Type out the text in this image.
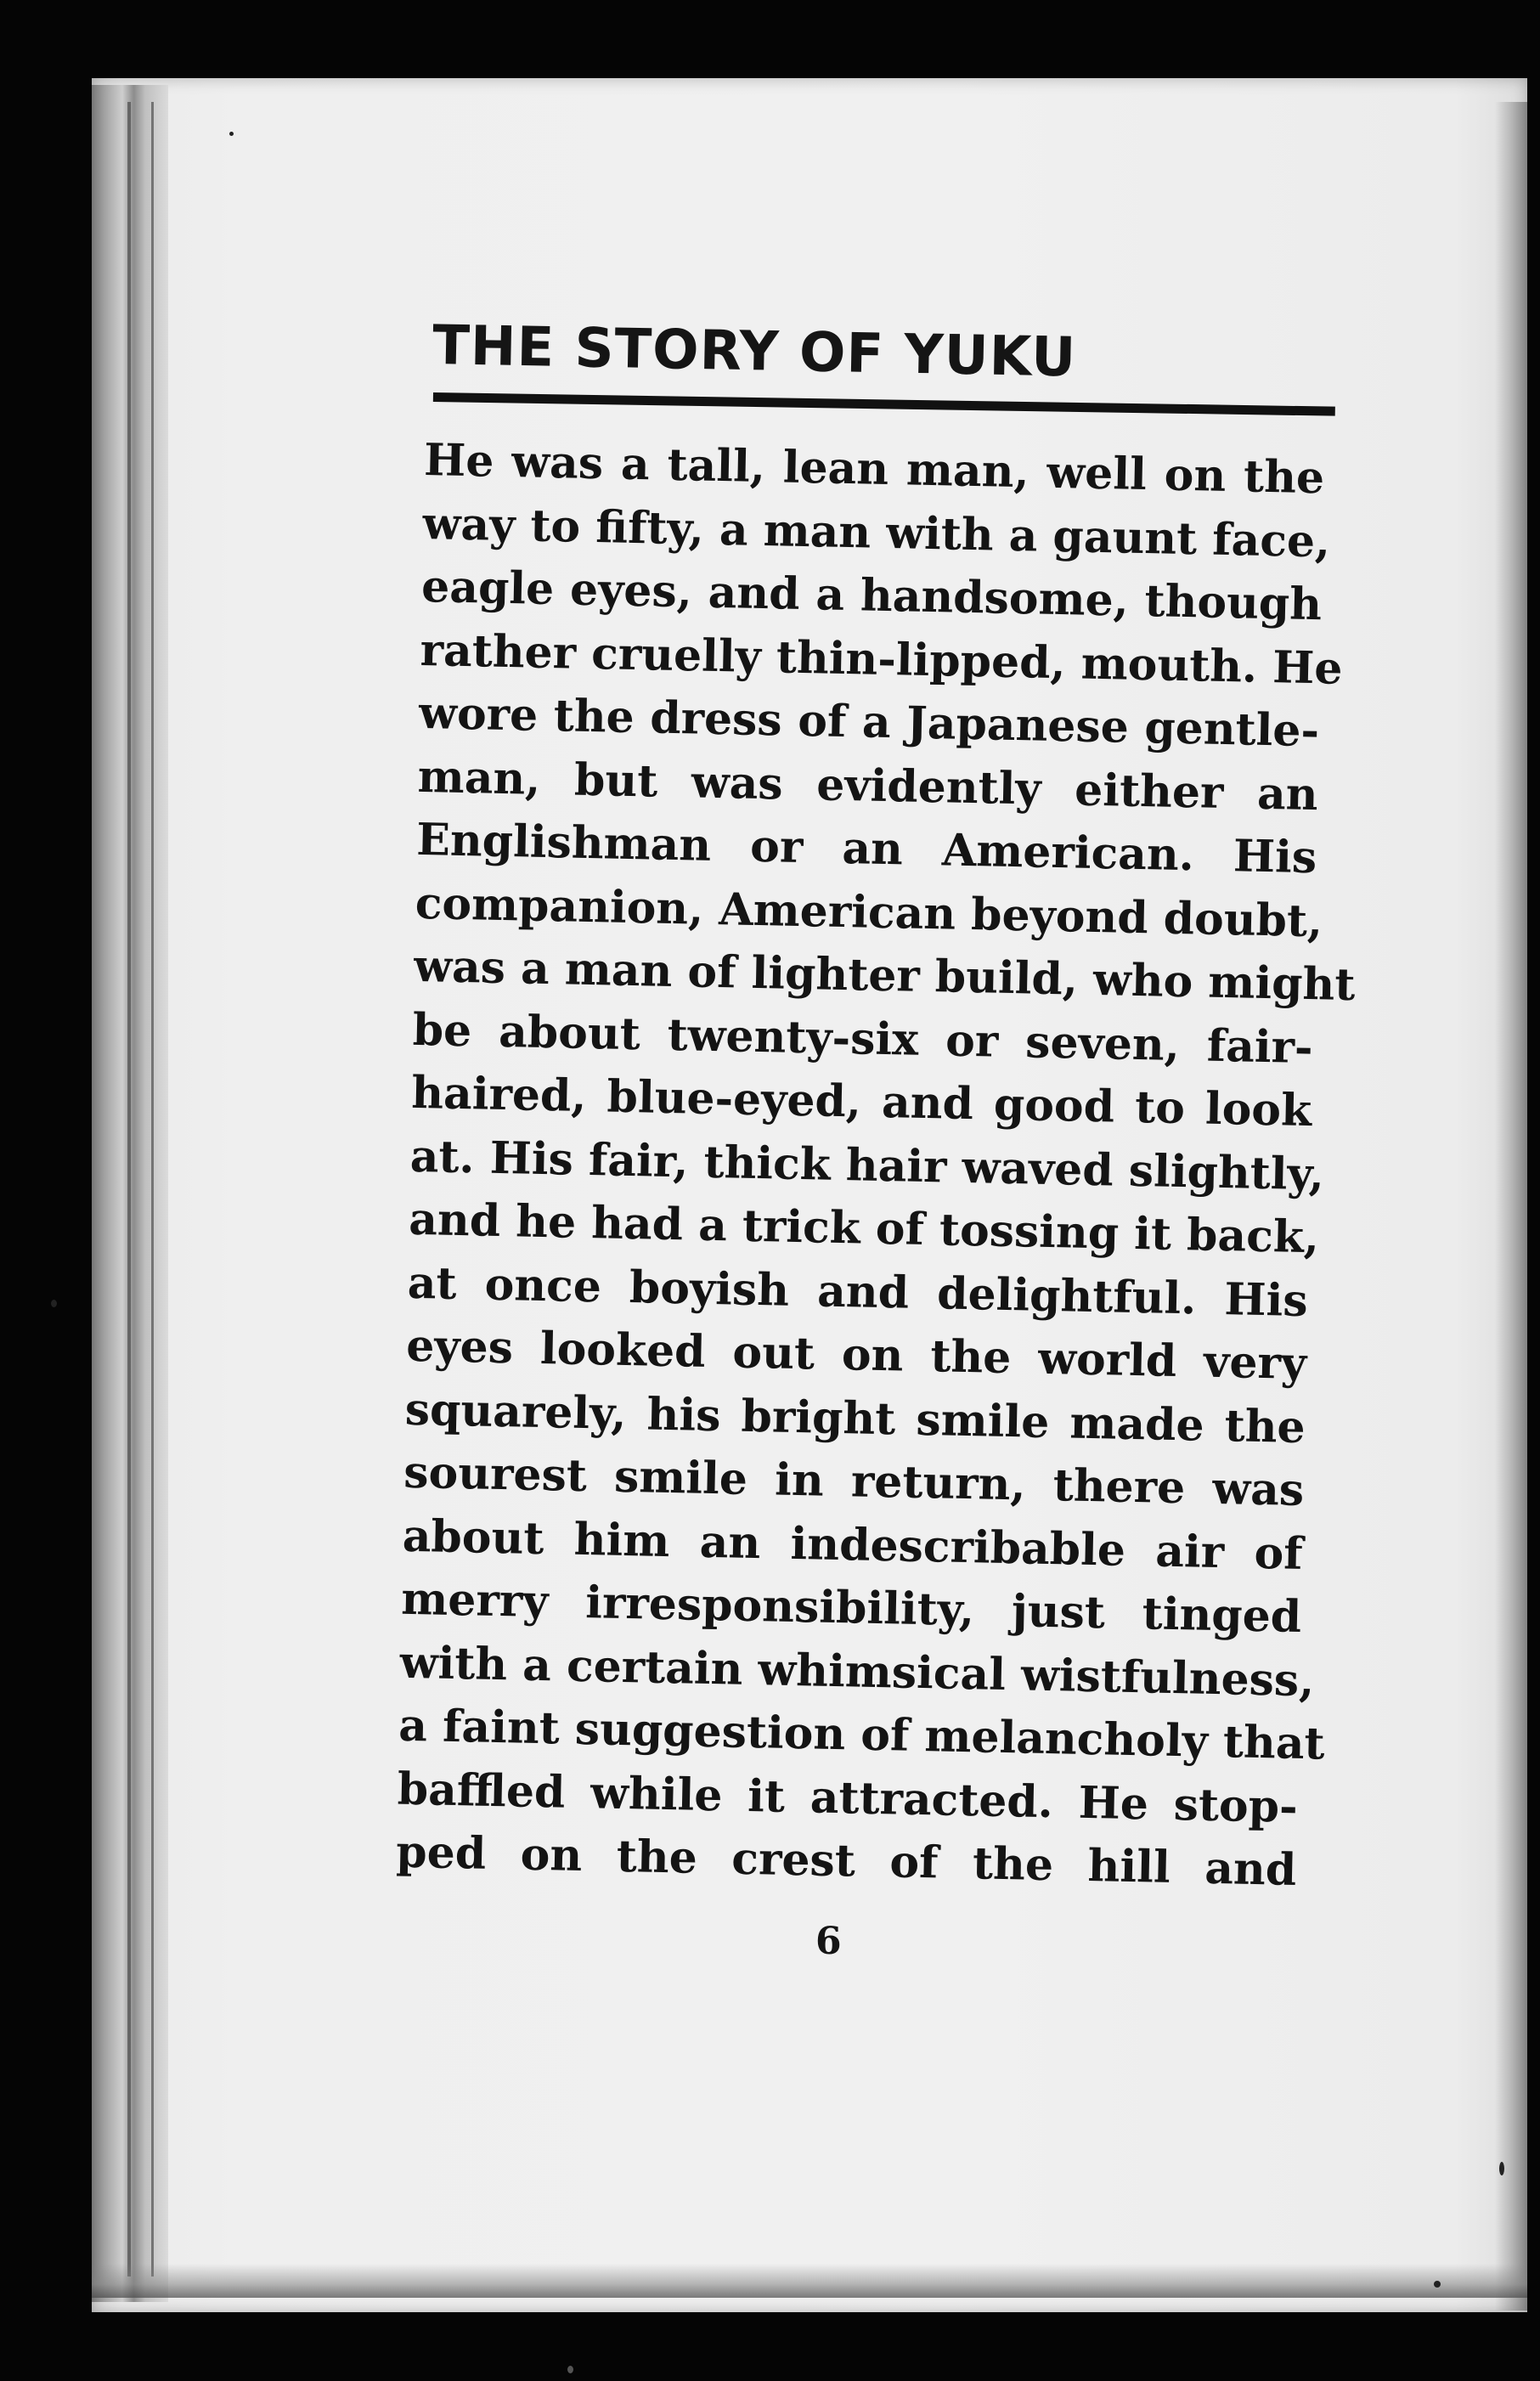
THE STORY OF YUKU
He was a tall, lean man, well on the
way to fifty, a man with a gaunt face,
eagle eyes, and a handsome, though
rather cruelly thin-lipped, mouth. He
wore the dress of a Japanese gentle-
man, but was evidently either an
Englishman or an American. His
companion, American beyond doubt,
was a man of lighter build, who might
be about twenty-six or seven, fair-
haired, blue-eyed, and good to look
at. His fair, thick hair waved slightly,
and he had a trick of tossing it back,
at once boyish and delightful. His
eyes looked out on the world very
squarely, his bright smile made the
sourest smile in return, there was
about him an indescribable air of
merry irresponsibility, just tinged
with a certain whimsical wistfulness,
a faint suggestion of melancholy that
baffled while it attracted. He stop-
ped on the crest of the hill and

6
